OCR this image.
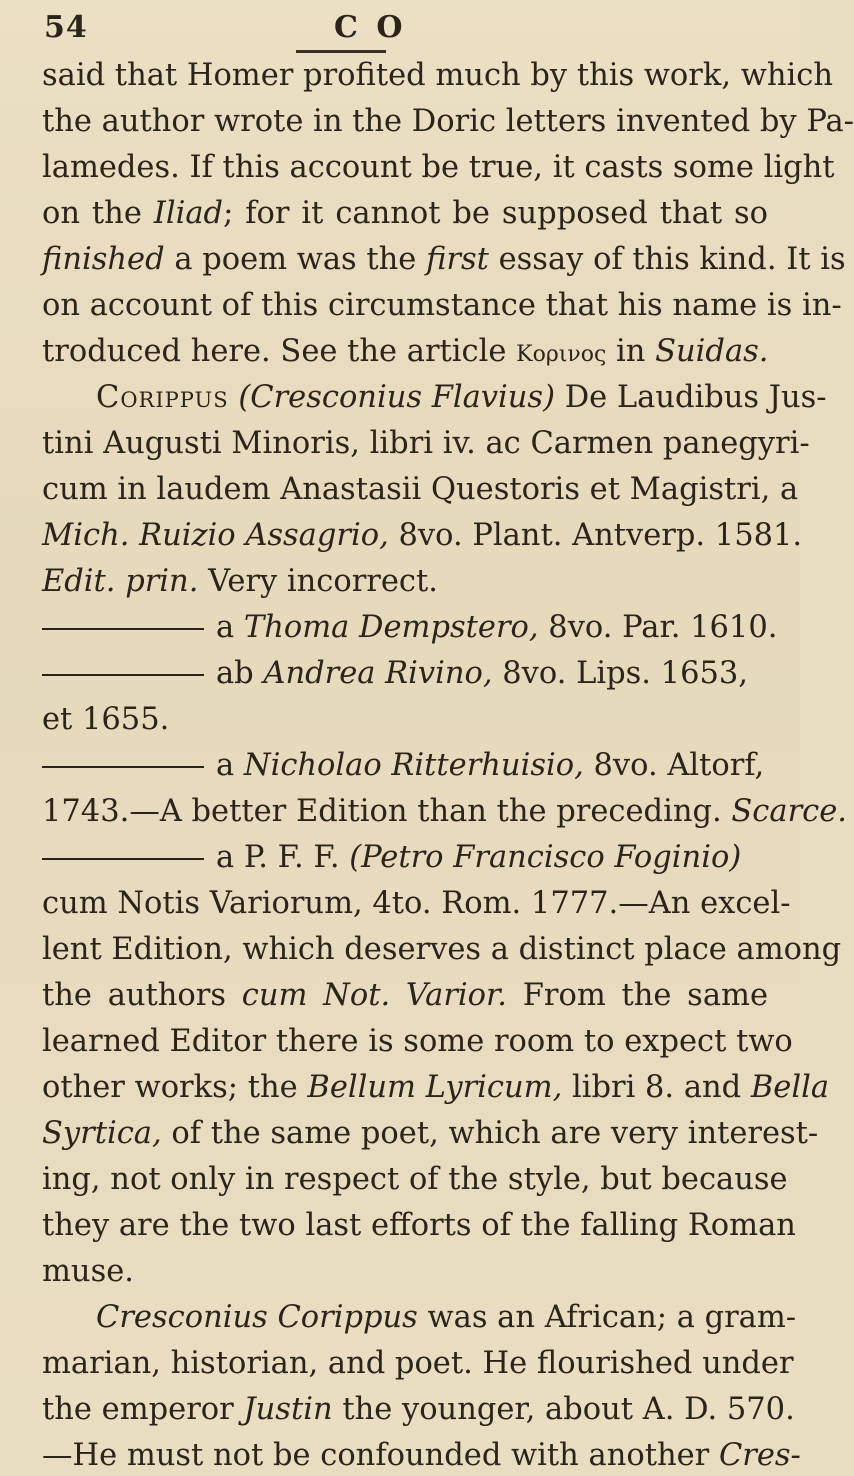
54	C O
said that Homer profited much by this work, which
the author wrote in the Doric letters invented by Pa-
lamedes. If this account be true, it casts some light
on the Iliad; for it cannot be supposed that so
finished a poem was the first essay of this kind. It is
on account of this circumstance that his name is in-
troduced here. See the article Κορινος in Suidas.
Corippus (Cresconius Flavius) De Laudibus Jus-
tini Augusti Minoris, libri iv. ac Carmen panegyri-
cum in laudem Anastasii Questoris et Magistri, a
Mich. Ruizio Assagrio, 8vo. Plant. Antverp. 1581.
Edit. prin. Very incorrect.
a Thoma Dempstero, 8vo. Par. 1610.
ab Andrea Rivino, 8vo. Lips. 1653,
et 1655.
a Nicholao Ritterhuisio, 8vo. Altorf,
1743.—A better Edition than the preceding. Scarce.
a P. F. F. (Petro Francisco Foginio)
cum Notis Variorum, 4to. Rom. 1777.—An excel-
lent Edition, which deserves a distinct place among
the authors cum Not. Varior. From the same
learned Editor there is some room to expect two
other works; the Bellum Lyricum, libri 8. and Bella
Syrtica, of the same poet, which are very interest-
ing, not only in respect of the style, but because
they are the two last efforts of the falling Roman
muse.
Cresconius Corippus was an African; a gram-
marian, historian, and poet. He flourished under
the emperor Justin the younger, about A. D. 570.
—He must not be confounded with another Cres-
